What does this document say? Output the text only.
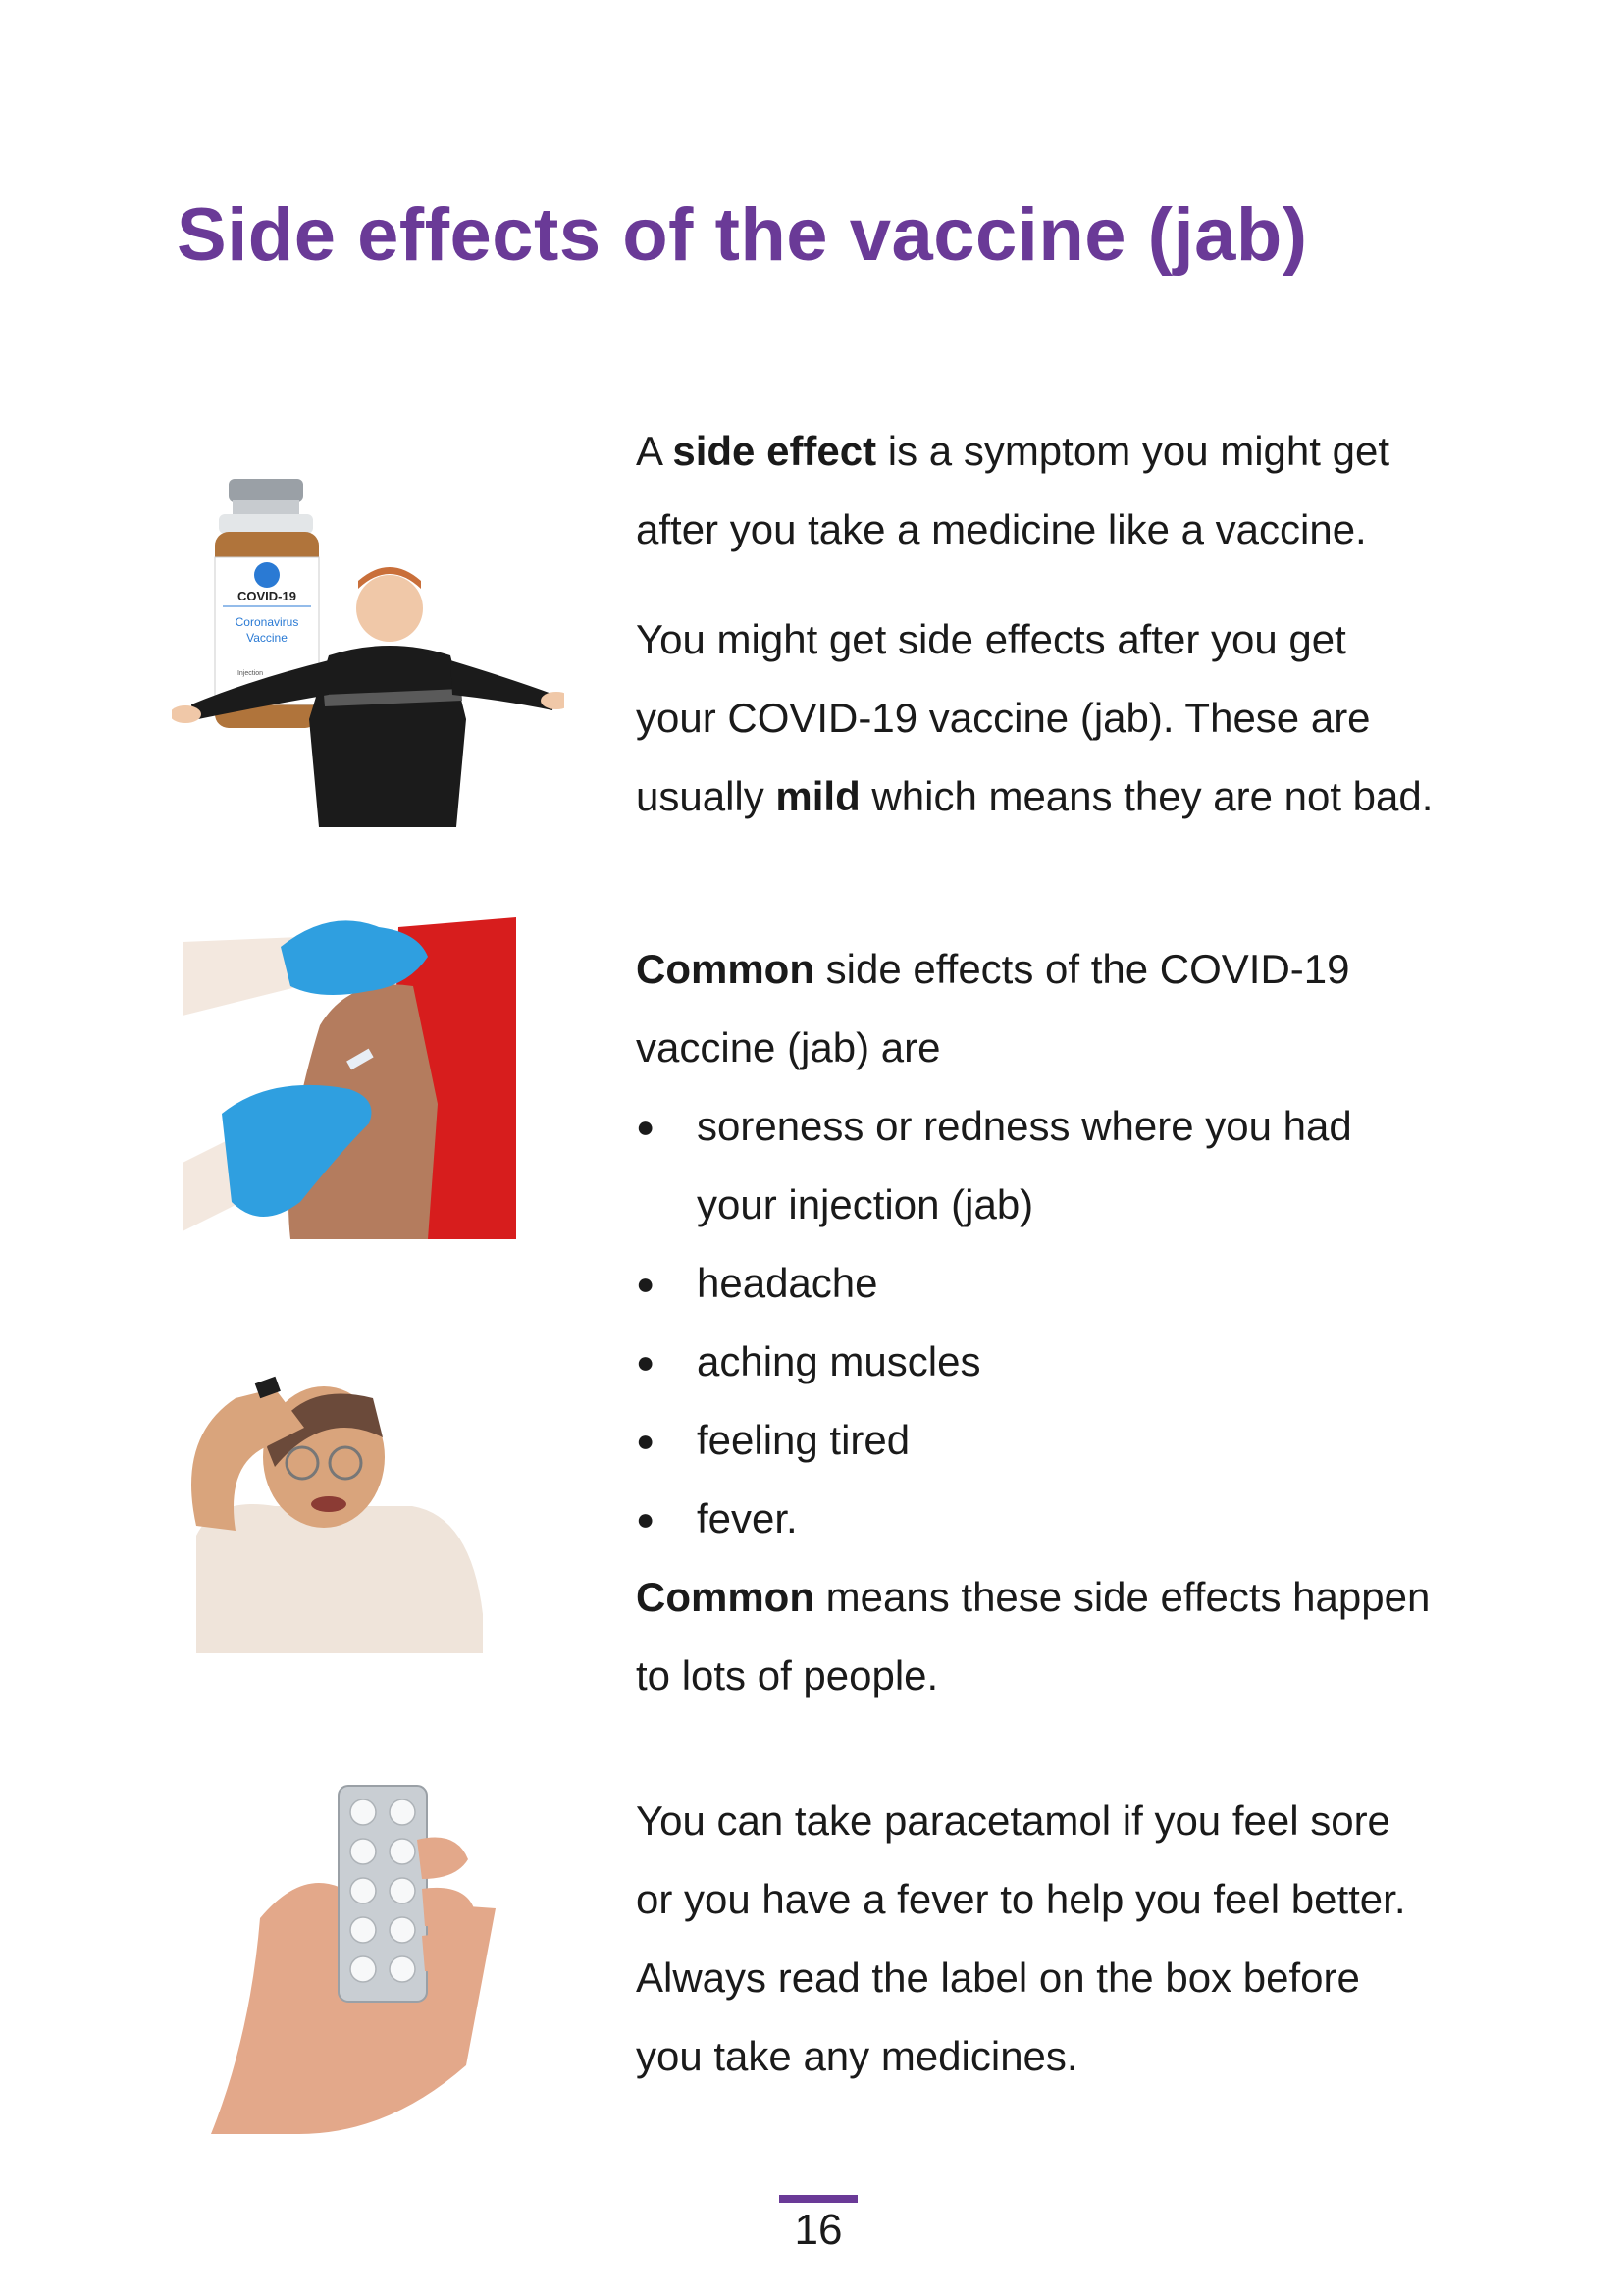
Side effects of the vaccine (jab)
COVID-19
Coronavirus
Vaccine
Injection

A side effect is a symptom you might get
after you take a medicine like a vaccine.

You might get side effects after you get
your COVID-19 vaccine (jab). These are
usually mild which means they are not bad.

Common side effects of the COVID-19
vaccine (jab) are

● soreness or redness where you had
your injection (jab)
● headache
● aching muscles
● feeling tired
● fever.

Common means these side effects happen
to lots of people.

You can take paracetamol if you feel sore
or you have a fever to help you feel better.
Always read the label on the box before
you take any medicines.

16
